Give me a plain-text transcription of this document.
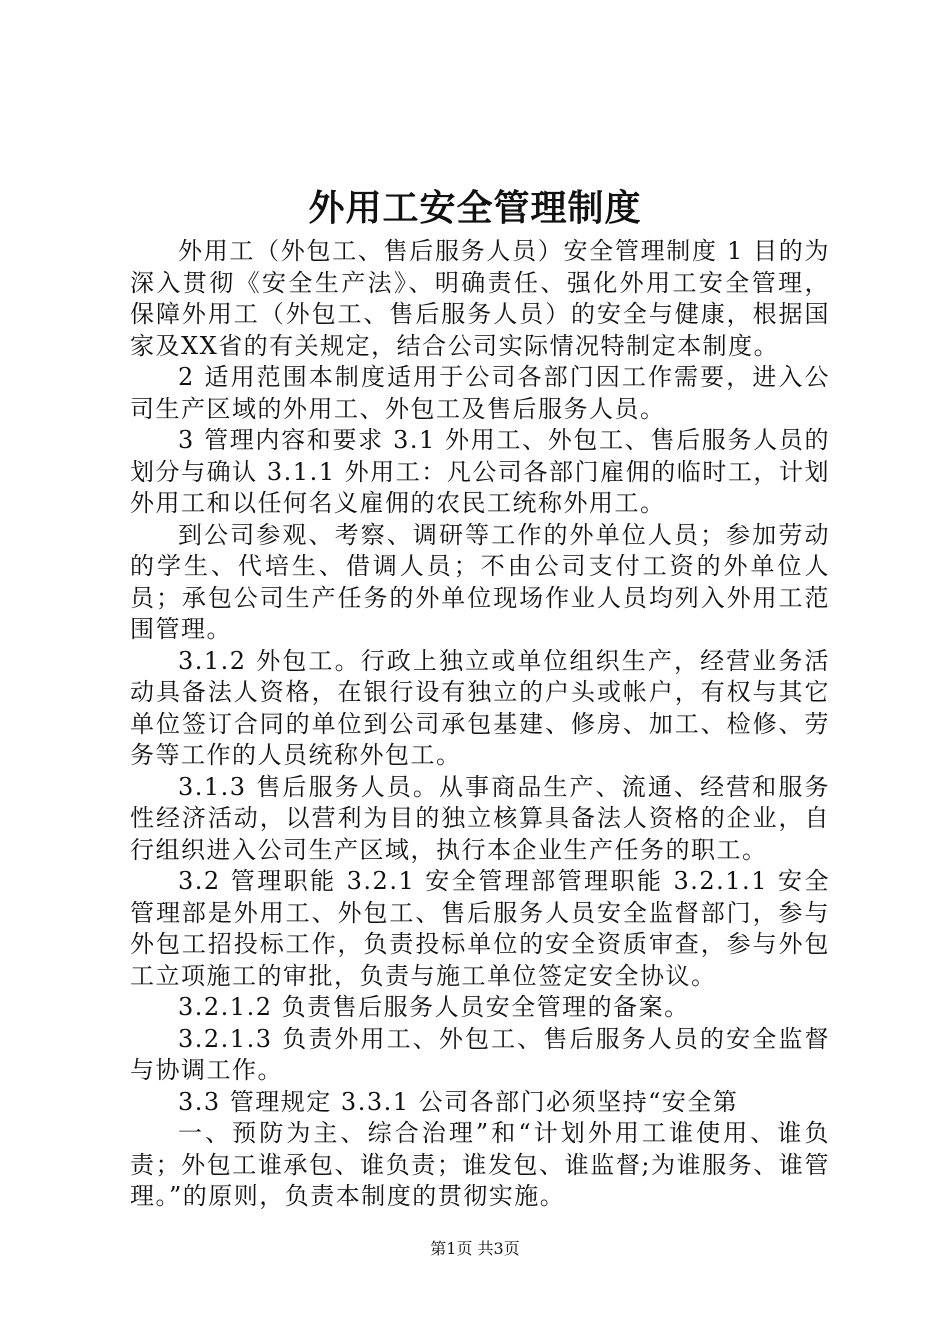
外用工安全管理制度

外用工（外包工、售后服务人员）安全管理制度 1 目的为深入贯彻《安全生产法》、明确责任、强化外用工安全管理，保障外用工（外包工、售后服务人员）的安全与健康，根据国家及XX省的有关规定，结合公司实际情况特制定本制度。

2 适用范围本制度适用于公司各部门因工作需要，进入公司生产区域的外用工、外包工及售后服务人员。

3 管理内容和要求 3.1 外用工、外包工、售后服务人员的划分与确认 3.1.1 外用工：凡公司各部门雇佣的临时工，计划外用工和以任何名义雇佣的农民工统称外用工。

到公司参观、考察、调研等工作的外单位人员；参加劳动的学生、代培生、借调人员；不由公司支付工资的外单位人员；承包公司生产任务的外单位现场作业人员均列入外用工范围管理。

3.1.2 外包工。行政上独立或单位组织生产，经营业务活动具备法人资格，在银行设有独立的户头或帐户，有权与其它单位签订合同的单位到公司承包基建、修房、加工、检修、劳务等工作的人员统称外包工。

3.1.3 售后服务人员。从事商品生产、流通、经营和服务性经济活动，以营利为目的独立核算具备法人资格的企业，自行组织进入公司生产区域，执行本企业生产任务的职工。

3.2 管理职能 3.2.1 安全管理部管理职能 3.2.1.1 安全管理部是外用工、外包工、售后服务人员安全监督部门，参与外包工招投标工作，负责投标单位的安全资质审查，参与外包工立项施工的审批，负责与施工单位签定安全协议。

3.2.1.2 负责售后服务人员安全管理的备案。

3.2.1.3 负责外用工、外包工、售后服务人员的安全监督与协调工作。

3.3 管理规定 3.3.1 公司各部门必须坚持“安全第

一、预防为主、综合治理”和“计划外用工谁使用、谁负责；外包工谁承包、谁负责；谁发包、谁监督;为谁服务、谁管理。”的原则，负责本制度的贯彻实施。

第1页 共3页
